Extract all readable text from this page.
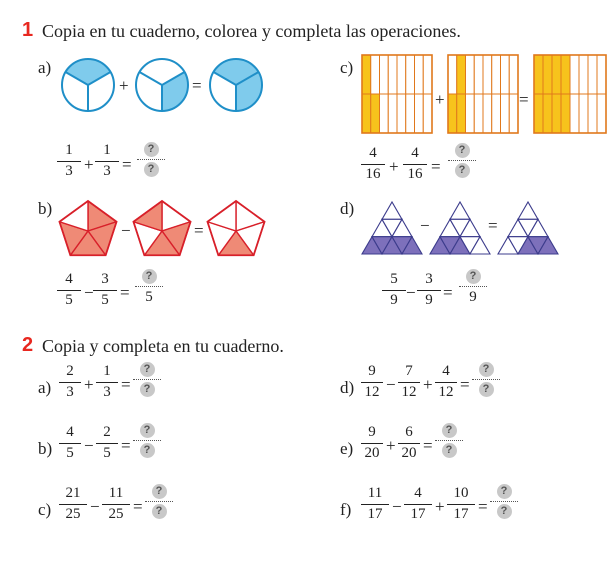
1 Copia en tu cuaderno, colorea y completa las operaciones.
a)
+	=
1
3 +
1
3 =
?
?
b)
−	=
4
5 −
3
5 =
?
5
c)
+	=
4
16 +
4
16 =
?
?
d)
−	=
5
9 −
3
9 =
?
9
2 Copia y completa en tu cuaderno.
a)
2
3 +
1
3 =
?
?
b)
4
5 −
2
5 =
?
?
c)
21
25 −
11
25 =
?
?
d)
9
12 −
7
12 +
4
12 =
?
?
e)
9
20 +
6
20 =
?
?
f)
11
17 −
4
17 +
10
17 =
?
?
